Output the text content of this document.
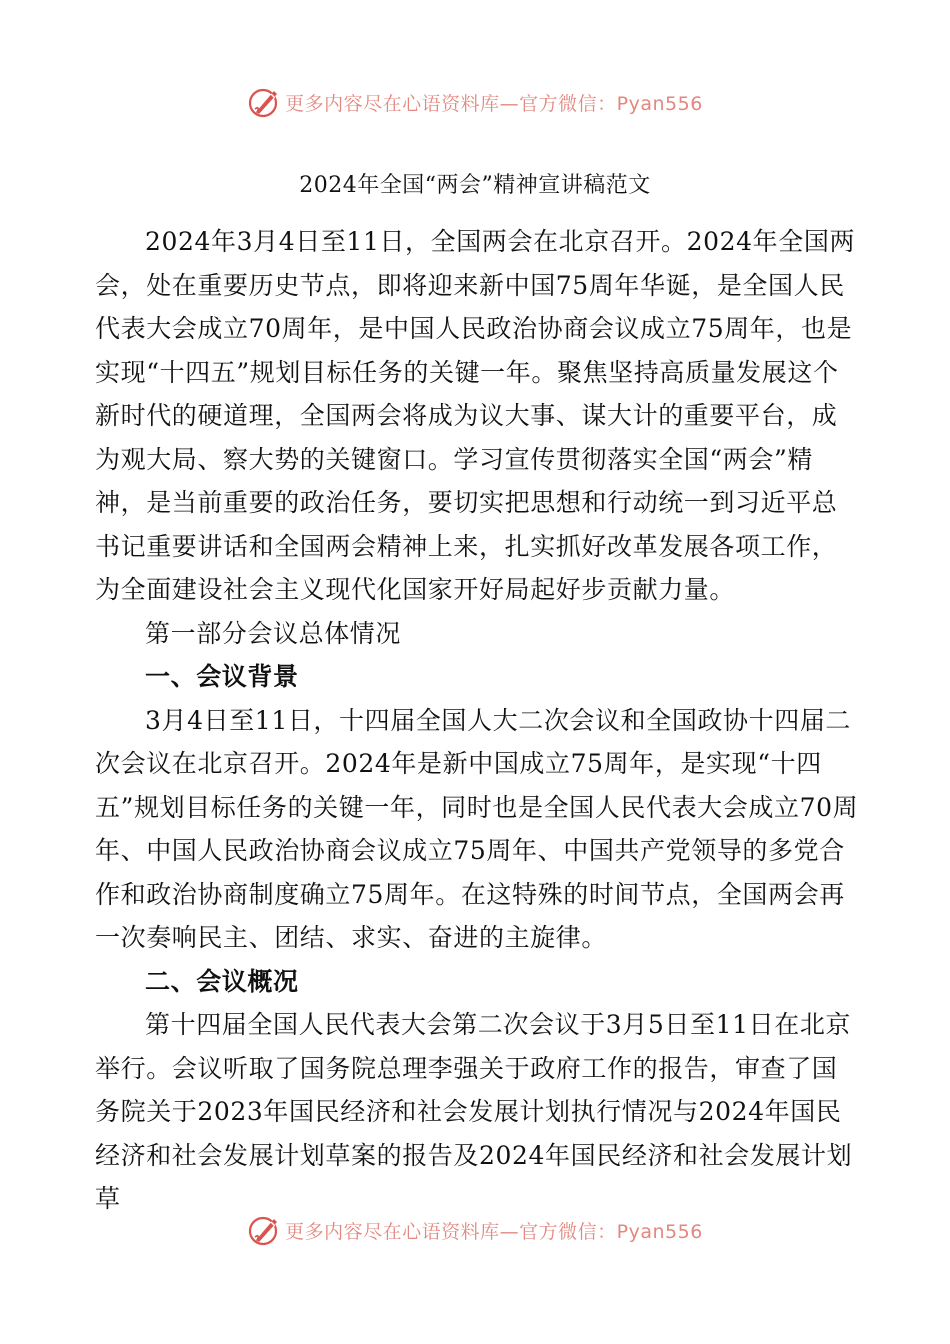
更多内容尽在心语资料库—官方微信：Pyan556
2024年全国“两会”精神宣讲稿范文

2024年3月4日至11日，全国两会在北京召开。2024年全国两会，处在重要历史节点，即将迎来新中国75周年华诞，是全国人民代表大会成立70周年，是中国人民政治协商会议成立75周年，也是实现“十四五”规划目标任务的关键一年。聚焦坚持高质量发展这个新时代的硬道理，全国两会将成为议大事、谋大计的重要平台，成为观大局、察大势的关键窗口。学习宣传贯彻落实全国“两会”精神，是当前重要的政治任务，要切实把思想和行动统一到习近平总书记重要讲话和全国两会精神上来，扎实抓好改革发展各项工作，为全面建设社会主义现代化国家开好局起好步贡献力量。

第一部分会议总体情况

一、会议背景

3月4日至11日，十四届全国人大二次会议和全国政协十四届二次会议在北京召开。2024年是新中国成立75周年，是实现“十四五”规划目标任务的关键一年，同时也是全国人民代表大会成立70周年、中国人民政治协商会议成立75周年、中国共产党领导的多党合作和政治协商制度确立75周年。在这特殊的时间节点，全国两会再一次奏响民主、团结、求实、奋进的主旋律。

二、会议概况

第十四届全国人民代表大会第二次会议于3月5日至11日在北京举行。会议听取了国务院总理李强关于政府工作的报告，审查了国务院关于2023年国民经济和社会发展计划执行情况与2024年国民经济和社会发展计划草案的报告及2024年国民经济和社会发展计划草

更多内容尽在心语资料库—官方微信：Pyan556
